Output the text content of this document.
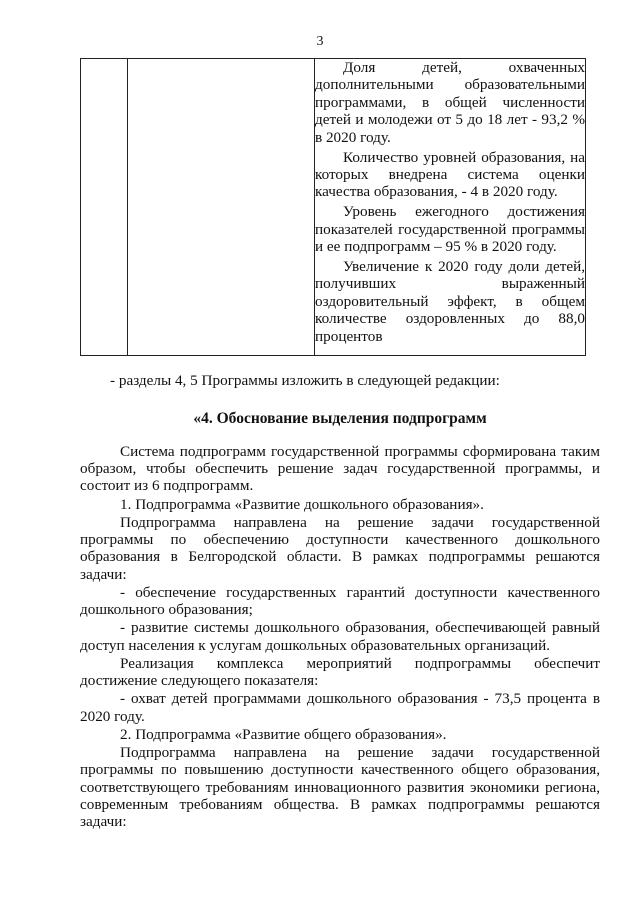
3

Доля детей, охваченных дополнительными образовательными программами, в общей численности детей и молодежи от 5 до 18 лет - 93,2 % в 2020 году.

Количество уровней образования, на которых внедрена система оценки качества образования, - 4 в 2020 году.

Уровень ежегодного достижения показателей государственной программы и ее подпрограмм – 95 % в 2020 году.

Увеличение к 2020 году доли детей, получивших выраженный оздоровительный эффект, в общем количестве оздоровленных до 88,0 процентов

- разделы 4, 5 Программы изложить в следующей редакции:

«4. Обоснование выделения подпрограмм

Система подпрограмм государственной программы сформирована таким образом, чтобы обеспечить решение задач государственной программы, и состоит из 6 подпрограмм.

1. Подпрограмма «Развитие дошкольного образования».

Подпрограмма направлена на решение задачи государственной программы по обеспечению доступности качественного дошкольного образования в Белгородской области. В рамках подпрограммы решаются задачи:

- обеспечение государственных гарантий доступности качественного дошкольного образования;

- развитие системы дошкольного образования, обеспечивающей равный доступ населения к услугам дошкольных образовательных организаций.

Реализация комплекса мероприятий подпрограммы обеспечит достижение следующего показателя:

- охват детей программами дошкольного образования - 73,5 процента в 2020 году.

2. Подпрограмма «Развитие общего образования».

Подпрограмма направлена на решение задачи государственной программы по повышению доступности качественного общего образования, соответствующего требованиям инновационного развития экономики региона, современным требованиям общества. В рамках подпрограммы решаются задачи:
